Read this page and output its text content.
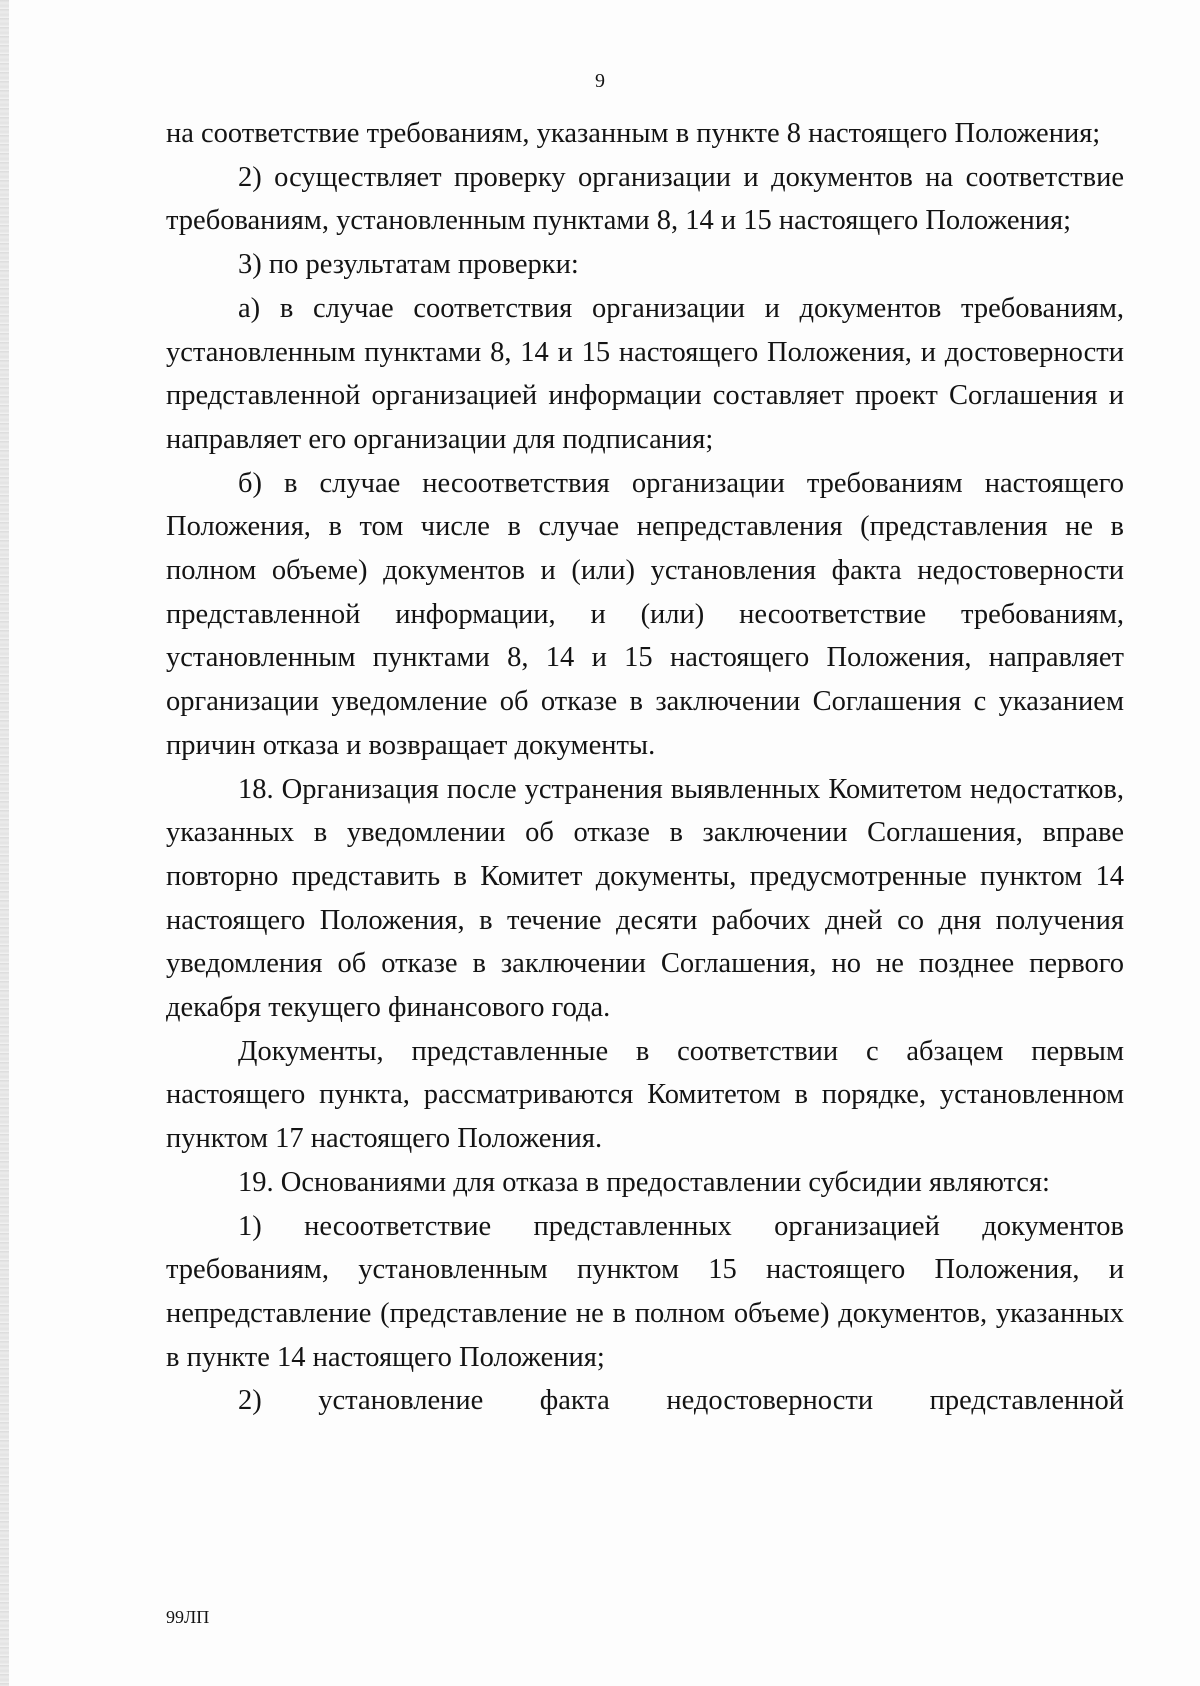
9

на соответствие требованиям, указанным в пункте 8 настоящего Положения;

2) осуществляет проверку организации и документов на соответствие требованиям, установленным пунктами 8, 14 и 15 настоящего Положения;

3) по результатам проверки:

а) в случае соответствия организации и документов требованиям, установленным пунктами 8, 14 и 15 настоящего Положения, и достоверности представленной организацией информации составляет проект Соглашения и направляет его организации для подписания;

б) в случае несоответствия организации требованиям настоящего Положения, в том числе в случае непредставления (представления не в полном объеме) документов и (или) установления факта недостоверности представленной информации, и (или) несоответствие требованиям, установленным пунктами 8, 14 и 15 настоящего Положения, направляет организации уведомление об отказе в заключении Соглашения с указанием причин отказа и возвращает документы.

18. Организация после устранения выявленных Комитетом недостатков, указанных в уведомлении об отказе в заключении Соглашения, вправе повторно представить в Комитет документы, предусмотренные пунктом 14 настоящего Положения, в течение десяти рабочих дней со дня получения уведомления об отказе в заключении Соглашения, но не позднее первого декабря текущего финансового года.

Документы, представленные в соответствии с абзацем первым настоящего пункта, рассматриваются Комитетом в порядке, установленном пунктом 17 настоящего Положения.

19. Основаниями для отказа в предоставлении субсидии являются:

1) несоответствие представленных организацией документов требованиям, установленным пунктом 15 настоящего Положения, и непредставление (представление не в полном объеме) документов, указанных в пункте 14 настоящего Положения;

2) установление факта недостоверности представленной

99ЛП
